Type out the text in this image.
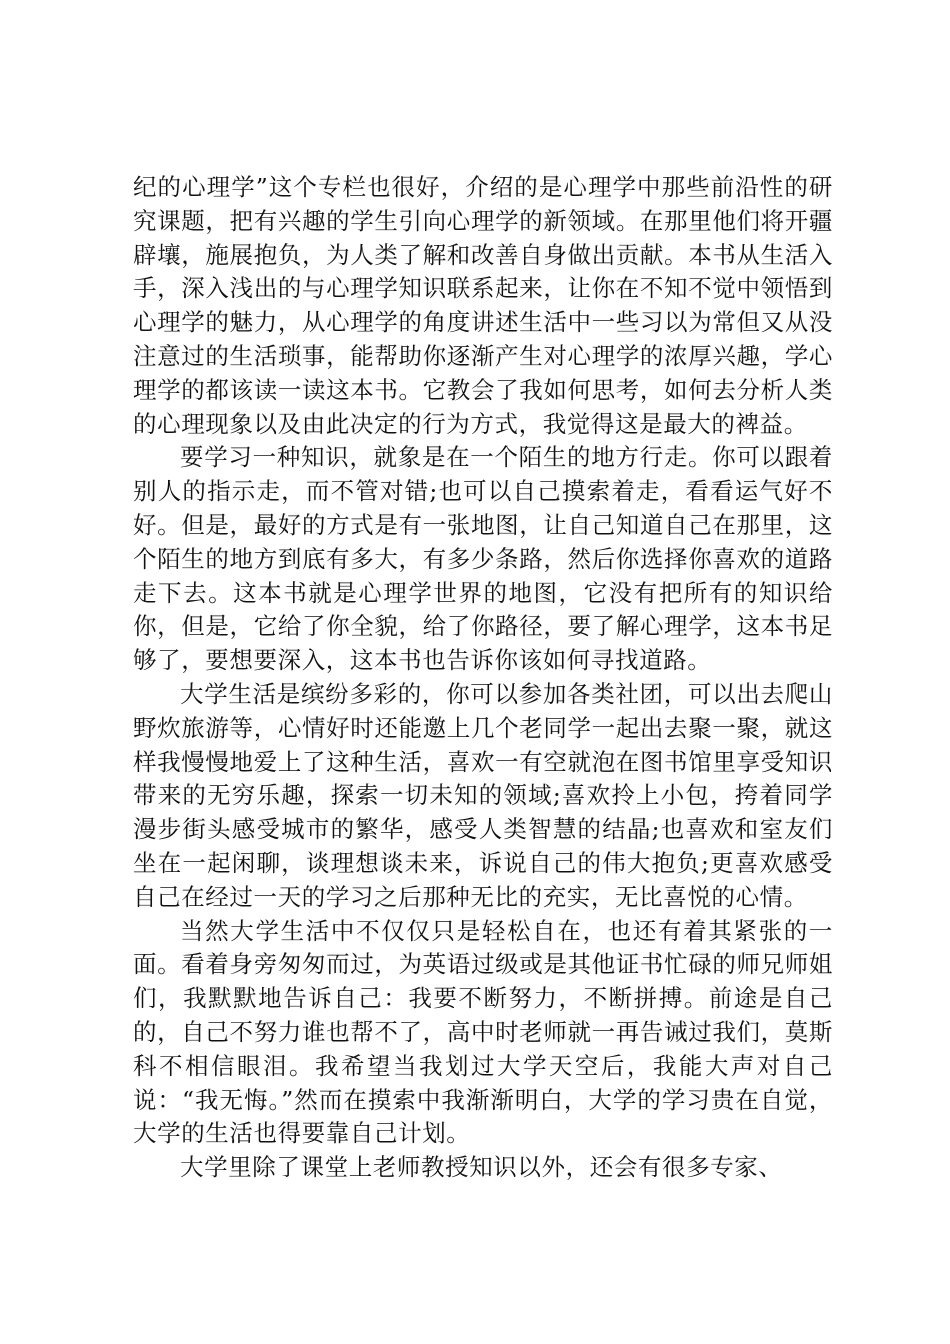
纪的心理学”这个专栏也很好，介绍的是心理学中那些前沿性的研究课题，把有兴趣的学生引向心理学的新领域。在那里他们将开疆辟壤，施展抱负，为人类了解和改善自身做出贡献。本书从生活入手，深入浅出的与心理学知识联系起来，让你在不知不觉中领悟到心理学的魅力，从心理学的角度讲述生活中一些习以为常但又从没注意过的生活琐事，能帮助你逐渐产生对心理学的浓厚兴趣，学心理学的都该读一读这本书。它教会了我如何思考，如何去分析人类的心理现象以及由此决定的行为方式，我觉得这是最大的裨益。

要学习一种知识，就象是在一个陌生的地方行走。你可以跟着别人的指示走，而不管对错;也可以自己摸索着走，看看运气好不好。但是，最好的方式是有一张地图，让自己知道自己在那里，这个陌生的地方到底有多大，有多少条路，然后你选择你喜欢的道路走下去。这本书就是心理学世界的地图，它没有把所有的知识给你，但是，它给了你全貌，给了你路径，要了解心理学，这本书足够了，要想要深入，这本书也告诉你该如何寻找道路。

大学生活是缤纷多彩的，你可以参加各类社团，可以出去爬山野炊旅游等，心情好时还能邀上几个老同学一起出去聚一聚，就这样我慢慢地爱上了这种生活，喜欢一有空就泡在图书馆里享受知识带来的无穷乐趣，探索一切未知的领域;喜欢拎上小包，挎着同学漫步街头感受城市的繁华，感受人类智慧的结晶;也喜欢和室友们坐在一起闲聊，谈理想谈未来，诉说自己的伟大抱负;更喜欢感受自己在经过一天的学习之后那种无比的充实，无比喜悦的心情。

当然大学生活中不仅仅只是轻松自在，也还有着其紧张的一面。看着身旁匆匆而过，为英语过级或是其他证书忙碌的师兄师姐们，我默默地告诉自己：我要不断努力，不断拼搏。前途是自己的，自己不努力谁也帮不了，高中时老师就一再告诫过我们，莫斯科不相信眼泪。我希望当我划过大学天空后，我能大声对自己说：“我无悔。”然而在摸索中我渐渐明白，大学的学习贵在自觉，大学的生活也得要靠自己计划。

大学里除了课堂上老师教授知识以外，还会有很多专家、
